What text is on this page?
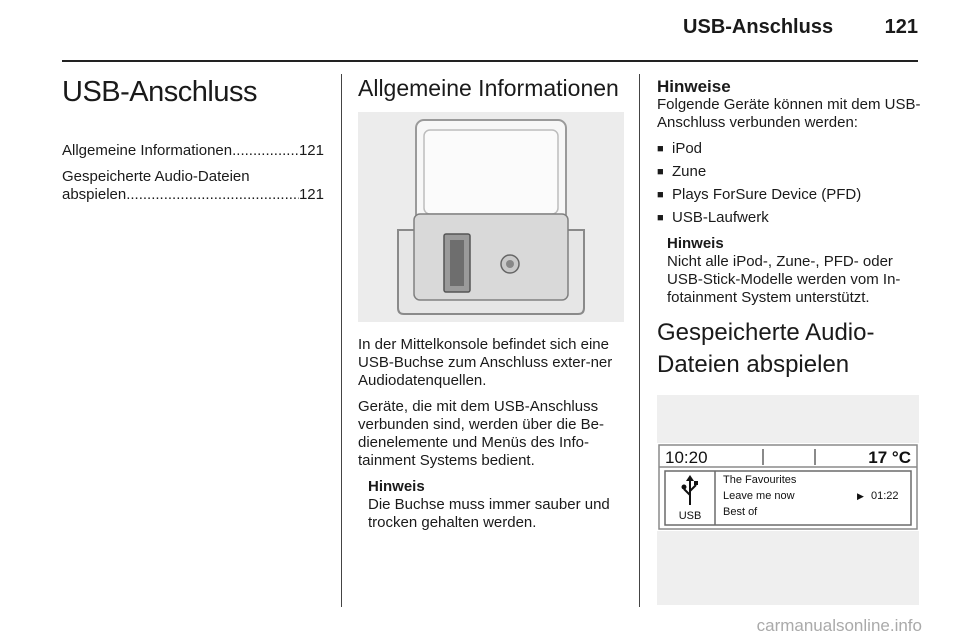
USB-Anschluss	121
USB-Anschluss
Allgemeine Informationen .....	121
Gespeicherte Audio-Dateien
abspielen .....	121
Allgemeine Informationen

In der Mittelkonsole befindet sich eine USB-Buchse zum Anschluss exter-ner Audiodatenquellen.

Geräte, die mit dem USB-Anschluss verbunden sind, werden über die Be-dienelemente und Menüs des Info-tainment Systems bedient.

Hinweis
Die Buchse muss immer sauber und trocken gehalten werden.
Hinweise

Folgende Geräte können mit dem USB-Anschluss verbunden werden:

■ iPod
■ Zune
■ Plays ForSure Device (PFD)
■ USB-Laufwerk
Hinweis
Nicht alle iPod-, Zune-, PFD- oder USB-Stick-Modelle werden vom In-fotainment System unterstützt.
Gespeicherte Audio-
Dateien abspielen
10:20	17 °C
USB
The Favourites
Leave me now
Best of
▶ 01:22
carmanualsonline.info
